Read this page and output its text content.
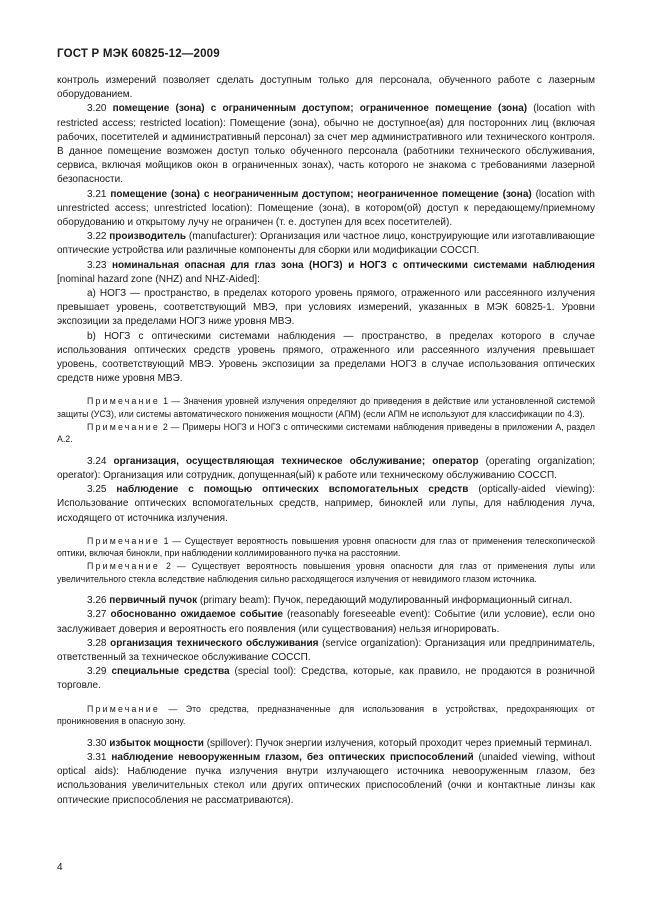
ГОСТ Р МЭК 60825-12—2009

контроль измерений позволяет сделать доступным только для персонала, обученного работе с лазерным оборудованием.

3.20 помещение (зона) с ограниченным доступом; ограниченное помещение (зона) (location with restricted access; restricted location): Помещение (зона), обычно не доступное(ая) для посторонних лиц (включая рабочих, посетителей и административный персонал) за счет мер административного или технического контроля. В данное помещение возможен доступ только обученного персонала (работники технического обслуживания, сервиса, включая мойщиков окон в ограниченных зонах), часть которого не знакома с требованиями лазерной безопасности.

3.21 помещение (зона) с неограниченным доступом; неограниченное помещение (зона) (location with unrestricted access; unrestricted location): Помещение (зона), в котором(ой) доступ к передающему/приемному оборудованию и открытому лучу не ограничен (т. е. доступен для всех посетителей).

3.22 производитель (manufacturer): Организация или частное лицо, конструирующие или изготавливающие оптические устройства или различные компоненты для сборки или модификации СОССП.

3.23 номинальная опасная для глаз зона (НОГЗ) и НОГЗ с оптическими системами наблюдения [nominal hazard zone (NHZ) and NHZ-Aided]:

a) НОГЗ — пространство, в пределах которого уровень прямого, отраженного или рассеянного излучения превышает уровень, соответствующий МВЭ, при условиях измерений, указанных в МЭК 60825-1. Уровни экспозиции за пределами НОГЗ ниже уровня МВЭ.

b) НОГЗ с оптическими системами наблюдения — пространство, в пределах которого в случае использования оптических средств уровень прямого, отраженного или рассеянного излучения превышает уровень, соответствующий МВЭ. Уровень экспозиции за пределами НОГЗ в случае использования оптических средств ниже уровня МВЭ.

Примечание 1 — Значения уровней излучения определяют до приведения в действие или установленной системой защиты (УСЗ), или системы автоматического понижения мощности (АПМ) (если АПМ не используют для классификации по 4.3).

Примечание 2 — Примеры НОГЗ и НОГЗ с оптическими системами наблюдения приведены в приложении А, раздел А.2.

3.24 организация, осуществляющая техническое обслуживание; оператор (operating organization; operator): Организация или сотрудник, допущенная(ый) к работе или техническому обслуживанию СОССП.

3.25 наблюдение с помощью оптических вспомогательных средств (optically-aided viewing): Использование оптических вспомогательных средств, например, биноклей или лупы, для наблюдения луча, исходящего от источника излучения.

Примечание 1 — Существует вероятность повышения уровня опасности для глаз от применения телескопической оптики, включая бинокли, при наблюдении коллимированного пучка на расстоянии.

Примечание 2 — Существует вероятность повышения уровня опасности для глаз от применения лупы или увеличительного стекла вследствие наблюдения сильно расходящегося излучения от невидимого глазом источника.

3.26 первичный пучок (primary beam): Пучок, передающий модулированный информационный сигнал.

3.27 обоснованно ожидаемое событие (reasonably foreseeable event): Событие (или условие), если оно заслуживает доверия и вероятность его появления (или существования) нельзя игнорировать.

3.28 организация технического обслуживания (service organization): Организация или предприниматель, ответственный за техническое обслуживание СОССП.

3.29 специальные средства (special tool): Средства, которые, как правило, не продаются в розничной торговле.

Примечание — Это средства, предназначенные для использования в устройствах, предохраняющих от проникновения в опасную зону.

3.30 избыток мощности (spillover): Пучок энергии излучения, который проходит через приемный терминал.

3.31 наблюдение невооруженным глазом, без оптических приспособлений (unaided viewing, without optical aids): Наблюдение пучка излучения внутри излучающего источника невооруженным глазом, без использования увеличительных стекол или других оптических приспособлений (очки и контактные линзы как оптические приспособления не рассматриваются).

4
